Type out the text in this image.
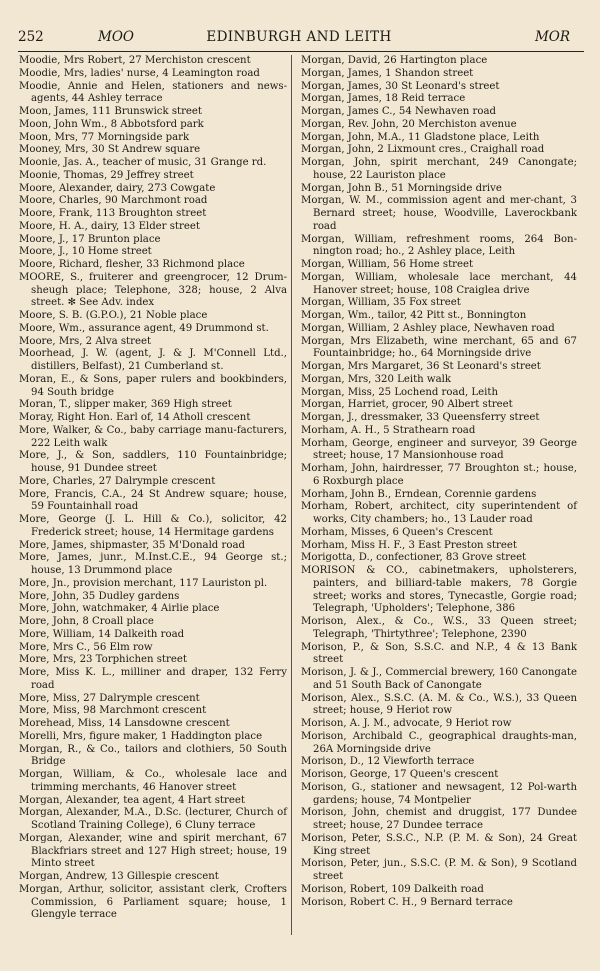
252	MOO	EDINBURGH AND LEITH	MOR

Moodie, Mrs Robert, 27 Merchiston crescent

Moodie, Mrs, ladies' nurse, 4 Leamington road

Moodie, Annie and Helen, stationers and news-agents, 44 Ashley terrace

Moon, James, 111 Brunswick street

Moon, John Wm., 8 Abbotsford park

Moon, Mrs, 77 Morningside park

Mooney, Mrs, 30 St Andrew square

Moonie, Jas. A., teacher of music, 31 Grange rd.

Moonie, Thomas, 29 Jeffrey street

Moore, Alexander, dairy, 273 Cowgate

Moore, Charles, 90 Marchmont road

Moore, Frank, 113 Broughton street

Moore, H. A., dairy, 13 Elder street

Moore, J., 17 Brunton place

Moore, J., 10 Home street

Moore, Richard, flesher, 33 Richmond place

MOORE, S., fruiterer and greengrocer, 12 Drum-sheugh place; Telephone, 328; house, 2 Alva street. ✻ See Adv. index

Moore, S. B. (G.P.O.), 21 Noble place

Moore, Wm., assurance agent, 49 Drummond st.

Moore, Mrs, 2 Alva street

Moorhead, J. W. (agent, J. & J. M'Connell Ltd., distillers, Belfast), 21 Cumberland st.

Moran, E., & Sons, paper rulers and bookbinders, 94 South bridge

Moran, T., slipper maker, 369 High street

Moray, Right Hon. Earl of, 14 Atholl crescent

More, Walker, & Co., baby carriage manu-facturers, 222 Leith walk

More, J., & Son, saddlers, 110 Fountainbridge; house, 91 Dundee street

More, Charles, 27 Dalrymple crescent

More, Francis, C.A., 24 St Andrew square; house, 59 Fountainhall road

More, George (J. L. Hill & Co.), solicitor, 42 Frederick street; house, 14 Hermitage gardens

More, James, shipmaster, 35 M'Donald road

More, James, junr., M.Inst.C.E., 94 George st.; house, 13 Drummond place

More, Jn., provision merchant, 117 Lauriston pl.

More, John, 35 Dudley gardens

More, John, watchmaker, 4 Airlie place

More, John, 8 Croall place

More, William, 14 Dalkeith road

More, Mrs C., 56 Elm row

More, Mrs, 23 Torphichen street

More, Miss K. L., milliner and draper, 132 Ferry road

More, Miss, 27 Dalrymple crescent

More, Miss, 98 Marchmont crescent

Morehead, Miss, 14 Lansdowne crescent

Morelli, Mrs, figure maker, 1 Haddington place

Morgan, R., & Co., tailors and clothiers, 50 South Bridge

Morgan, William, & Co., wholesale lace and trimming merchants, 46 Hanover street

Morgan, Alexander, tea agent, 4 Hart street

Morgan, Alexander, M.A., D.Sc. (lecturer, Church of Scotland Training College), 6 Cluny terrace

Morgan, Alexander, wine and spirit merchant, 67 Blackfriars street and 127 High street; house, 19 Minto street

Morgan, Andrew, 13 Gillespie crescent

Morgan, Arthur, solicitor, assistant clerk, Crofters Commission, 6 Parliament square; house, 1 Glengyle terrace

Morgan, David, 26 Hartington place

Morgan, James, 1 Shandon street

Morgan, James, 30 St Leonard's street

Morgan, James, 18 Reid terrace

Morgan, James C., 54 Newhaven road

Morgan, Rev. John, 20 Merchiston avenue

Morgan, John, M.A., 11 Gladstone place, Leith

Morgan, John, 2 Lixmount cres., Craighall road

Morgan, John, spirit merchant, 249 Canongate; house, 22 Lauriston place

Morgan, John B., 51 Morningside drive

Morgan, W. M., commission agent and mer-chant, 3 Bernard street; house, Woodville, Laverockbank road

Morgan, William, refreshment rooms, 264 Bon-nington road; ho., 2 Ashley place, Leith

Morgan, William, 56 Home street

Morgan, William, wholesale lace merchant, 44 Hanover street; house, 108 Craiglea drive

Morgan, William, 35 Fox street

Morgan, Wm., tailor, 42 Pitt st., Bonnington

Morgan, William, 2 Ashley place, Newhaven road

Morgan, Mrs Elizabeth, wine merchant, 65 and 67 Fountainbridge; ho., 64 Morningside drive

Morgan, Mrs Margaret, 36 St Leonard's street

Morgan, Mrs, 320 Leith walk

Morgan, Miss, 25 Lochend road, Leith

Morgan, Harriet, grocer, 90 Albert street

Morgan, J., dressmaker, 33 Queensferry street

Morham, A. H., 5 Strathearn road

Morham, George, engineer and surveyor, 39 George street; house, 17 Mansionhouse road

Morham, John, hairdresser, 77 Broughton st.; house, 6 Roxburgh place

Morham, John B., Erndean, Corennie gardens

Morham, Robert, architect, city superintendent of works, City chambers; ho., 13 Lauder road

Morham, Misses, 6 Queen's Crescent

Morham, Miss H. F., 3 East Preston street

Morigotta, D., confectioner, 83 Grove street

MORISON & CO., cabinetmakers, upholsterers, painters, and billiard-table makers, 78 Gorgie street; works and stores, Tynecastle, Gorgie road; Telegraph, 'Upholders'; Telephone, 386

Morison, Alex., & Co., W.S., 33 Queen street; Telegraph, 'Thirtythree'; Telephone, 2390

Morison, P., & Son, S.S.C. and N.P., 4 & 13 Bank street

Morison, J. & J., Commercial brewery, 160 Canongate and 51 South Back of Canongate

Morison, Alex., S.S.C. (A. M. & Co., W.S.), 33 Queen street; house, 9 Heriot row

Morison, A. J. M., advocate, 9 Heriot row

Morison, Archibald C., geographical draughts-man, 26A Morningside drive

Morison, D., 12 Viewforth terrace

Morison, George, 17 Queen's crescent

Morison, G., stationer and newsagent, 12 Pol-warth gardens; house, 74 Montpelier

Morison, John, chemist and druggist, 177 Dundee street; house, 27 Dundee terrace

Morison, Peter, S.S.C., N.P. (P. M. & Son), 24 Great King street

Morison, Peter, jun., S.S.C. (P. M. & Son), 9 Scotland street

Morison, Robert, 109 Dalkeith road

Morison, Robert C. H., 9 Bernard terrace
